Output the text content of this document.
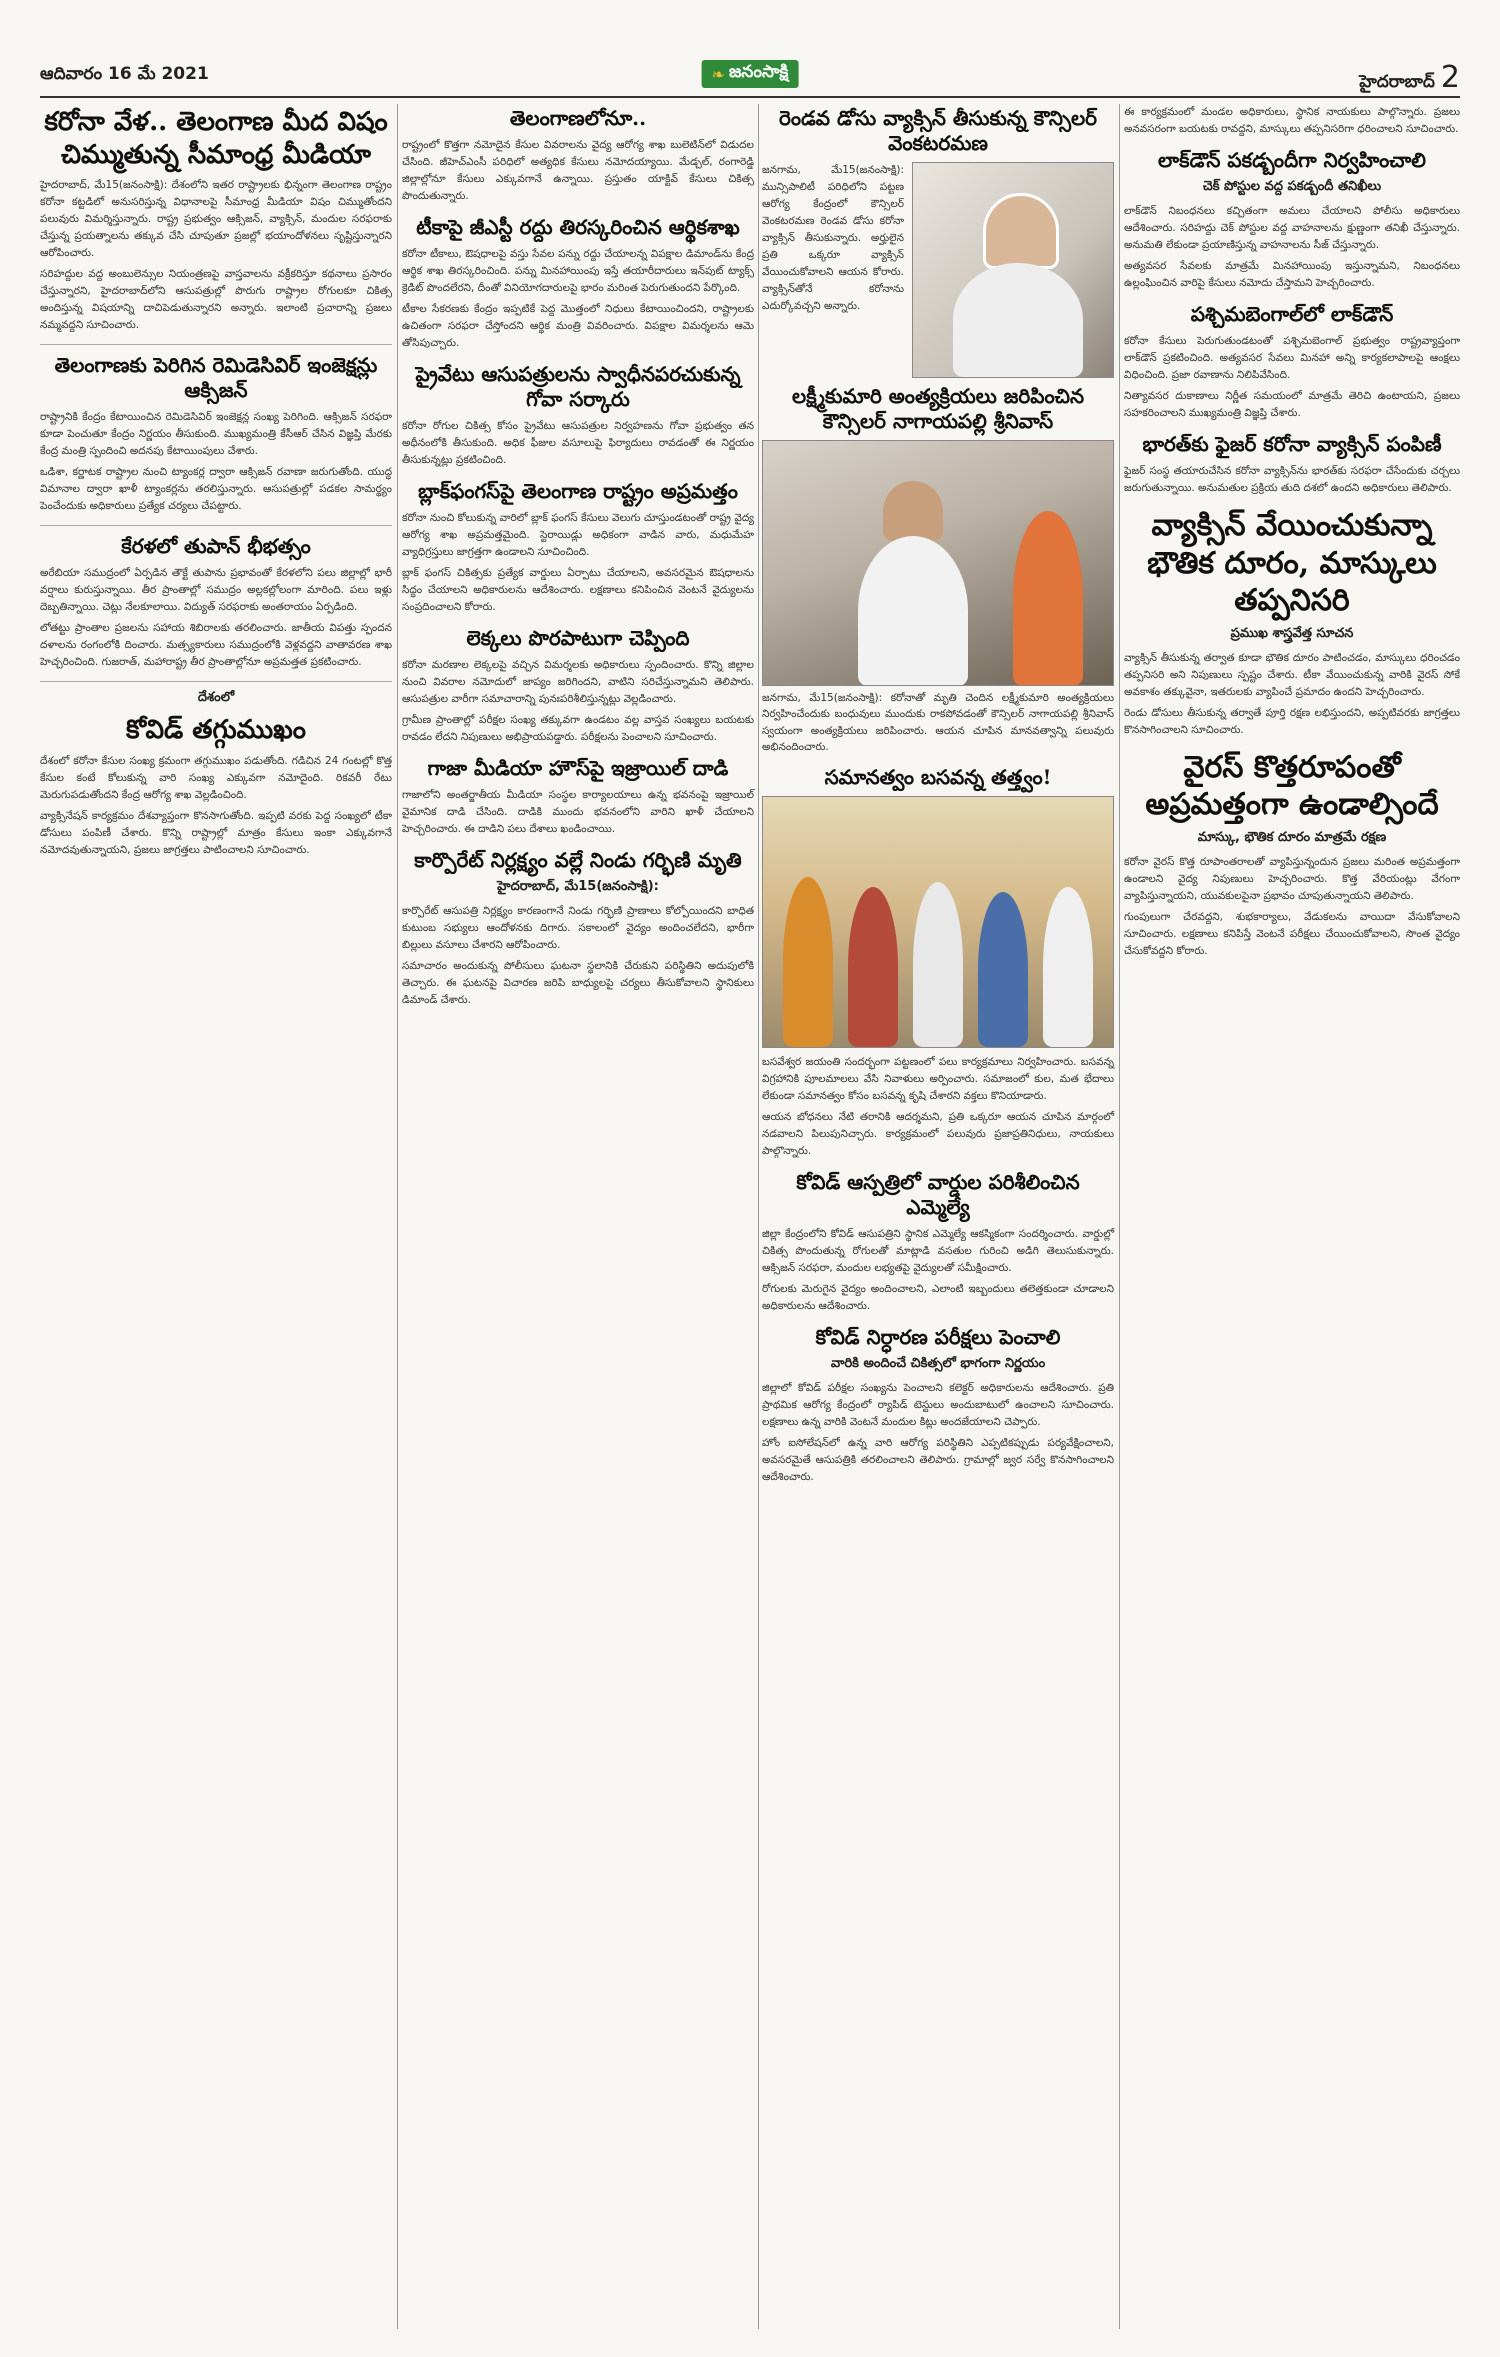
ఆదివారం 16 మే 2021	❧ జనంసాక్షి	హైదరాబాద్ 2
కరోనా వేళ.. తెలంగాణ మీద విషం చిమ్ముతున్న సీమాంధ్ర మీడియా

హైదరాబాద్, మే15(జనంసాక్షి): దేశంలోని ఇతర రాష్ట్రాలకు భిన్నంగా తెలంగాణ రాష్ట్రం కరోనా కట్టడిలో అనుసరిస్తున్న విధానాలపై సీమాంధ్ర మీడియా విషం చిమ్ముతోందని పలువురు విమర్శిస్తున్నారు. రాష్ట్ర ప్రభుత్వం ఆక్సిజన్, వ్యాక్సిన్, మందుల సరఫరాకు చేస్తున్న ప్రయత్నాలను తక్కువ చేసి చూపుతూ ప్రజల్లో భయాందోళనలు సృష్టిస్తున్నారని ఆరోపించారు.

సరిహద్దుల వద్ద అంబులెన్సుల నియంత్రణపై వాస్తవాలను వక్రీకరిస్తూ కథనాలు ప్రసారం చేస్తున్నారని, హైదరాబాద్‌లోని ఆసుపత్రుల్లో పొరుగు రాష్ట్రాల రోగులకూ చికిత్స అందిస్తున్న విషయాన్ని దాచిపెడుతున్నారని అన్నారు. ఇలాంటి ప్రచారాన్ని ప్రజలు నమ్మవద్దని సూచించారు.

తెలంగాణకు పెరిగిన రెమిడెసివిర్ ఇంజెక్షన్లు ఆక్సిజన్

రాష్ట్రానికి కేంద్రం కేటాయించిన రెమిడెసివిర్ ఇంజెక్షన్ల సంఖ్య పెరిగింది. ఆక్సిజన్ సరఫరా కూడా పెంచుతూ కేంద్రం నిర్ణయం తీసుకుంది. ముఖ్యమంత్రి కేసీఆర్ చేసిన విజ్ఞప్తి మేరకు కేంద్ర మంత్రి స్పందించి అదనపు కేటాయింపులు చేశారు.

ఒడిశా, కర్ణాటక రాష్ట్రాల నుంచి ట్యాంకర్ల ద్వారా ఆక్సిజన్ రవాణా జరుగుతోంది. యుద్ధ విమానాల ద్వారా ఖాళీ ట్యాంకర్లను తరలిస్తున్నారు. ఆసుపత్రుల్లో పడకల సామర్థ్యం పెంచేందుకు అధికారులు ప్రత్యేక చర్యలు చేపట్టారు.

కేరళలో తుపాన్ భీభత్సం

అరేబియా సముద్రంలో ఏర్పడిన తౌక్టే తుపాను ప్రభావంతో కేరళలోని పలు జిల్లాల్లో భారీ వర్షాలు కురుస్తున్నాయి. తీర ప్రాంతాల్లో సముద్రం అల్లకల్లోలంగా మారింది. పలు ఇళ్లు దెబ్బతిన్నాయి. చెట్లు నేలకూలాయి. విద్యుత్ సరఫరాకు అంతరాయం ఏర్పడింది.

లోతట్టు ప్రాంతాల ప్రజలను సహాయ శిబిరాలకు తరలించారు. జాతీయ విపత్తు స్పందన దళాలను రంగంలోకి దించారు. మత్స్యకారులు సముద్రంలోకి వెళ్లవద్దని వాతావరణ శాఖ హెచ్చరించింది. గుజరాత్, మహారాష్ట్ర తీర ప్రాంతాల్లోనూ అప్రమత్తత ప్రకటించారు.

దేశంలో
కోవిడ్ తగ్గుముఖం

దేశంలో కరోనా కేసుల సంఖ్య క్రమంగా తగ్గుముఖం పడుతోంది. గడిచిన 24 గంటల్లో కొత్త కేసుల కంటే కోలుకున్న వారి సంఖ్య ఎక్కువగా నమోదైంది. రికవరీ రేటు మెరుగుపడుతోందని కేంద్ర ఆరోగ్య శాఖ వెల్లడించింది.

వ్యాక్సినేషన్ కార్యక్రమం దేశవ్యాప్తంగా కొనసాగుతోంది. ఇప్పటి వరకు పెద్ద సంఖ్యలో టీకా డోసులు పంపిణీ చేశారు. కొన్ని రాష్ట్రాల్లో మాత్రం కేసులు ఇంకా ఎక్కువగానే నమోదవుతున్నాయని, ప్రజలు జాగ్రత్తలు పాటించాలని సూచించారు.

తెలంగాణలోనూ..

రాష్ట్రంలో కొత్తగా నమోదైన కేసుల వివరాలను వైద్య ఆరోగ్య శాఖ బులెటిన్‌లో విడుదల చేసింది. జీహెచ్‌ఎంసీ పరిధిలో అత్యధిక కేసులు నమోదయ్యాయి. మేడ్చల్, రంగారెడ్డి జిల్లాల్లోనూ కేసులు ఎక్కువగానే ఉన్నాయి. ప్రస్తుతం యాక్టివ్ కేసులు చికిత్స పొందుతున్నారు.

టీకాపై జీఎస్టీ రద్దు తిరస్కరించిన ఆర్థికశాఖ

కరోనా టీకాలు, ఔషధాలపై వస్తు సేవల పన్ను రద్దు చేయాలన్న విపక్షాల డిమాండ్‌ను కేంద్ర ఆర్థిక శాఖ తిరస్కరించింది. పన్ను మినహాయింపు ఇస్తే తయారీదారులు ఇన్‌పుట్ ట్యాక్స్ క్రెడిట్ పొందలేరని, దీంతో వినియోగదారులపై భారం మరింత పెరుగుతుందని పేర్కొంది.

టీకాల సేకరణకు కేంద్రం ఇప్పటికే పెద్ద మొత్తంలో నిధులు కేటాయించిందని, రాష్ట్రాలకు ఉచితంగా సరఫరా చేస్తోందని ఆర్థిక మంత్రి వివరించారు. విపక్షాల విమర్శలను ఆమె తోసిపుచ్చారు.

ప్రైవేటు ఆసుపత్రులను స్వాధీనపరచుకున్న గోవా సర్కారు

కరోనా రోగుల చికిత్స కోసం ప్రైవేటు ఆసుపత్రుల నిర్వహణను గోవా ప్రభుత్వం తన అధీనంలోకి తీసుకుంది. అధిక ఫీజుల వసూలుపై ఫిర్యాదులు రావడంతో ఈ నిర్ణయం తీసుకున్నట్లు ప్రకటించింది.

బ్లాక్‌ఫంగస్‌పై తెలంగాణ రాష్ట్రం అప్రమత్తం

కరోనా నుంచి కోలుకున్న వారిలో బ్లాక్ ఫంగస్ కేసులు వెలుగు చూస్తుండటంతో రాష్ట్ర వైద్య ఆరోగ్య శాఖ అప్రమత్తమైంది. స్టెరాయిడ్లు అధికంగా వాడిన వారు, మధుమేహ వ్యాధిగ్రస్తులు జాగ్రత్తగా ఉండాలని సూచించింది.

బ్లాక్ ఫంగస్ చికిత్సకు ప్రత్యేక వార్డులు ఏర్పాటు చేయాలని, అవసరమైన ఔషధాలను సిద్ధం చేయాలని అధికారులను ఆదేశించారు. లక్షణాలు కనిపించిన వెంటనే వైద్యులను సంప్రదించాలని కోరారు.

లెక్కలు పొరపాటుగా చెప్పింది

కరోనా మరణాల లెక్కలపై వచ్చిన విమర్శలకు అధికారులు స్పందించారు. కొన్ని జిల్లాల నుంచి వివరాల నమోదులో జాప్యం జరిగిందని, వాటిని సరిచేస్తున్నామని తెలిపారు. ఆసుపత్రుల వారీగా సమాచారాన్ని పునఃపరిశీలిస్తున్నట్లు వెల్లడించారు.

గ్రామీణ ప్రాంతాల్లో పరీక్షల సంఖ్య తక్కువగా ఉండటం వల్ల వాస్తవ సంఖ్యలు బయటకు రావడం లేదని నిపుణులు అభిప్రాయపడ్డారు. పరీక్షలను పెంచాలని సూచించారు.

గాజా మీడియా హౌస్‌పై ఇజ్రాయిల్ దాడి

గాజాలోని అంతర్జాతీయ మీడియా సంస్థల కార్యాలయాలు ఉన్న భవనంపై ఇజ్రాయిల్ వైమానిక దాడి చేసింది. దాడికి ముందు భవనంలోని వారిని ఖాళీ చేయాలని హెచ్చరించారు. ఈ దాడిని పలు దేశాలు ఖండించాయి.

కార్పొరేట్ నిర్లక్ష్యం వల్లే నిండు గర్భిణి మృతి
హైదరాబాద్, మే15(జనంసాక్షి):

కార్పొరేట్ ఆసుపత్రి నిర్లక్ష్యం కారణంగానే నిండు గర్భిణి ప్రాణాలు కోల్పోయిందని బాధిత కుటుంబ సభ్యులు ఆందోళనకు దిగారు. సకాలంలో వైద్యం అందించలేదని, భారీగా బిల్లులు వసూలు చేశారని ఆరోపించారు.

సమాచారం అందుకున్న పోలీసులు ఘటనా స్థలానికి చేరుకుని పరిస్థితిని అదుపులోకి తెచ్చారు. ఈ ఘటనపై విచారణ జరిపి బాధ్యులపై చర్యలు తీసుకోవాలని స్థానికులు డిమాండ్ చేశారు.

రెండవ డోసు వ్యాక్సిన్ తీసుకున్న కౌన్సిలర్ వెంకటరమణ

జనగామ, మే15(జనంసాక్షి): మున్సిపాలిటీ పరిధిలోని పట్టణ ఆరోగ్య కేంద్రంలో కౌన్సిలర్ వెంకటరమణ రెండవ డోసు కరోనా వ్యాక్సిన్ తీసుకున్నారు. అర్హులైన ప్రతి ఒక్కరూ వ్యాక్సిన్ వేయించుకోవాలని ఆయన కోరారు. వ్యాక్సిన్‌తోనే కరోనాను ఎదుర్కోవచ్చని అన్నారు.

లక్ష్మీకుమారి అంత్యక్రియలు జరిపించిన కౌన్సిలర్ నాగాయపల్లి శ్రీనివాస్

జనగామ, మే15(జనంసాక్షి): కరోనాతో మృతి చెందిన లక్ష్మీకుమారి అంత్యక్రియలు నిర్వహించేందుకు బంధువులు ముందుకు రాకపోవడంతో కౌన్సిలర్ నాగాయపల్లి శ్రీనివాస్ స్వయంగా అంత్యక్రియలు జరిపించారు. ఆయన చూపిన మానవత్వాన్ని పలువురు అభినందించారు.

సమానత్వం బసవన్న తత్త్వం!

బసవేశ్వర జయంతి సందర్భంగా పట్టణంలో పలు కార్యక్రమాలు నిర్వహించారు. బసవన్న విగ్రహానికి పూలమాలలు వేసి నివాళులు అర్పించారు. సమాజంలో కుల, మత భేదాలు లేకుండా సమానత్వం కోసం బసవన్న కృషి చేశారని వక్తలు కొనియాడారు.

ఆయన బోధనలు నేటి తరానికి ఆదర్శమని, ప్రతి ఒక్కరూ ఆయన చూపిన మార్గంలో నడవాలని పిలుపునిచ్చారు. కార్యక్రమంలో పలువురు ప్రజాప్రతినిధులు, నాయకులు పాల్గొన్నారు.

కోవిడ్ ఆస్పత్రిలో వార్డుల పరిశీలించిన ఎమ్మెల్యే

జిల్లా కేంద్రంలోని కోవిడ్ ఆసుపత్రిని స్థానిక ఎమ్మెల్యే ఆకస్మికంగా సందర్శించారు. వార్డుల్లో చికిత్స పొందుతున్న రోగులతో మాట్లాడి వసతుల గురించి అడిగి తెలుసుకున్నారు. ఆక్సిజన్ సరఫరా, మందుల లభ్యతపై వైద్యులతో సమీక్షించారు.

రోగులకు మెరుగైన వైద్యం అందించాలని, ఎలాంటి ఇబ్బందులు తలెత్తకుండా చూడాలని అధికారులను ఆదేశించారు.

కోవిడ్ నిర్ధారణ పరీక్షలు పెంచాలి
వారికి అందించే చికిత్సలో భాగంగా నిర్ణయం

జిల్లాలో కోవిడ్ పరీక్షల సంఖ్యను పెంచాలని కలెక్టర్ అధికారులను ఆదేశించారు. ప్రతి ప్రాథమిక ఆరోగ్య కేంద్రంలో ర్యాపిడ్ టెస్టులు అందుబాటులో ఉంచాలని సూచించారు. లక్షణాలు ఉన్న వారికి వెంటనే మందుల కిట్లు అందజేయాలని చెప్పారు.

హోం ఐసోలేషన్‌లో ఉన్న వారి ఆరోగ్య పరిస్థితిని ఎప్పటికప్పుడు పర్యవేక్షించాలని, అవసరమైతే ఆసుపత్రికి తరలించాలని తెలిపారు. గ్రామాల్లో జ్వర సర్వే కొనసాగించాలని ఆదేశించారు.

ఈ కార్యక్రమంలో మండల అధికారులు, స్థానిక నాయకులు పాల్గొన్నారు. ప్రజలు అనవసరంగా బయటకు రావద్దని, మాస్కులు తప్పనిసరిగా ధరించాలని సూచించారు.

లాక్‌డౌన్ పకడ్బందీగా నిర్వహించాలి
చెక్ పోస్టుల వద్ద పకడ్బందీ తనిఖీలు

లాక్‌డౌన్ నిబంధనలు కచ్చితంగా అమలు చేయాలని పోలీసు అధికారులు ఆదేశించారు. సరిహద్దు చెక్ పోస్టుల వద్ద వాహనాలను క్షుణ్ణంగా తనిఖీ చేస్తున్నారు. అనుమతి లేకుండా ప్రయాణిస్తున్న వాహనాలను సీజ్ చేస్తున్నారు.

అత్యవసర సేవలకు మాత్రమే మినహాయింపు ఇస్తున్నామని, నిబంధనలు ఉల్లంఘించిన వారిపై కేసులు నమోదు చేస్తామని హెచ్చరించారు.

పశ్చిమబెంగాల్‌లో లాక్‌డౌన్

కరోనా కేసులు పెరుగుతుండటంతో పశ్చిమబెంగాల్ ప్రభుత్వం రాష్ట్రవ్యాప్తంగా లాక్‌డౌన్ ప్రకటించింది. అత్యవసర సేవలు మినహా అన్ని కార్యకలాపాలపై ఆంక్షలు విధించింది. ప్రజా రవాణాను నిలిపివేసింది.

నిత్యావసర దుకాణాలు నిర్ణీత సమయంలో మాత్రమే తెరిచి ఉంటాయని, ప్రజలు సహకరించాలని ముఖ్యమంత్రి విజ్ఞప్తి చేశారు.

భారత్‌కు ఫైజర్ కరోనా వ్యాక్సిన్ పంపిణీ

ఫైజర్ సంస్థ తయారుచేసిన కరోనా వ్యాక్సిన్‌ను భారత్‌కు సరఫరా చేసేందుకు చర్చలు జరుగుతున్నాయి. అనుమతుల ప్రక్రియ తుది దశలో ఉందని అధికారులు తెలిపారు.

వ్యాక్సిన్ వేయించుకున్నా భౌతిక దూరం, మాస్కులు తప్పనిసరి
ప్రముఖ శాస్త్రవేత్త సూచన

వ్యాక్సిన్ తీసుకున్న తర్వాత కూడా భౌతిక దూరం పాటించడం, మాస్కులు ధరించడం తప్పనిసరి అని నిపుణులు స్పష్టం చేశారు. టీకా వేయించుకున్న వారికి వైరస్ సోకే అవకాశం తక్కువైనా, ఇతరులకు వ్యాపించే ప్రమాదం ఉందని హెచ్చరించారు.

రెండు డోసులు తీసుకున్న తర్వాతే పూర్తి రక్షణ లభిస్తుందని, అప్పటివరకు జాగ్రత్తలు కొనసాగించాలని సూచించారు.

వైరస్ కొత్తరూపంతో అప్రమత్తంగా ఉండాల్సిందే
మాస్కు, భౌతిక దూరం మాత్రమే రక్షణ

కరోనా వైరస్ కొత్త రూపాంతరాలతో వ్యాపిస్తున్నందున ప్రజలు మరింత అప్రమత్తంగా ఉండాలని వైద్య నిపుణులు హెచ్చరించారు. కొత్త వేరియంట్లు వేగంగా వ్యాపిస్తున్నాయని, యువకులపైనా ప్రభావం చూపుతున్నాయని తెలిపారు.

గుంపులుగా చేరవద్దని, శుభకార్యాలు, వేడుకలను వాయిదా వేసుకోవాలని సూచించారు. లక్షణాలు కనిపిస్తే వెంటనే పరీక్షలు చేయించుకోవాలని, సొంత వైద్యం చేసుకోవద్దని కోరారు.
